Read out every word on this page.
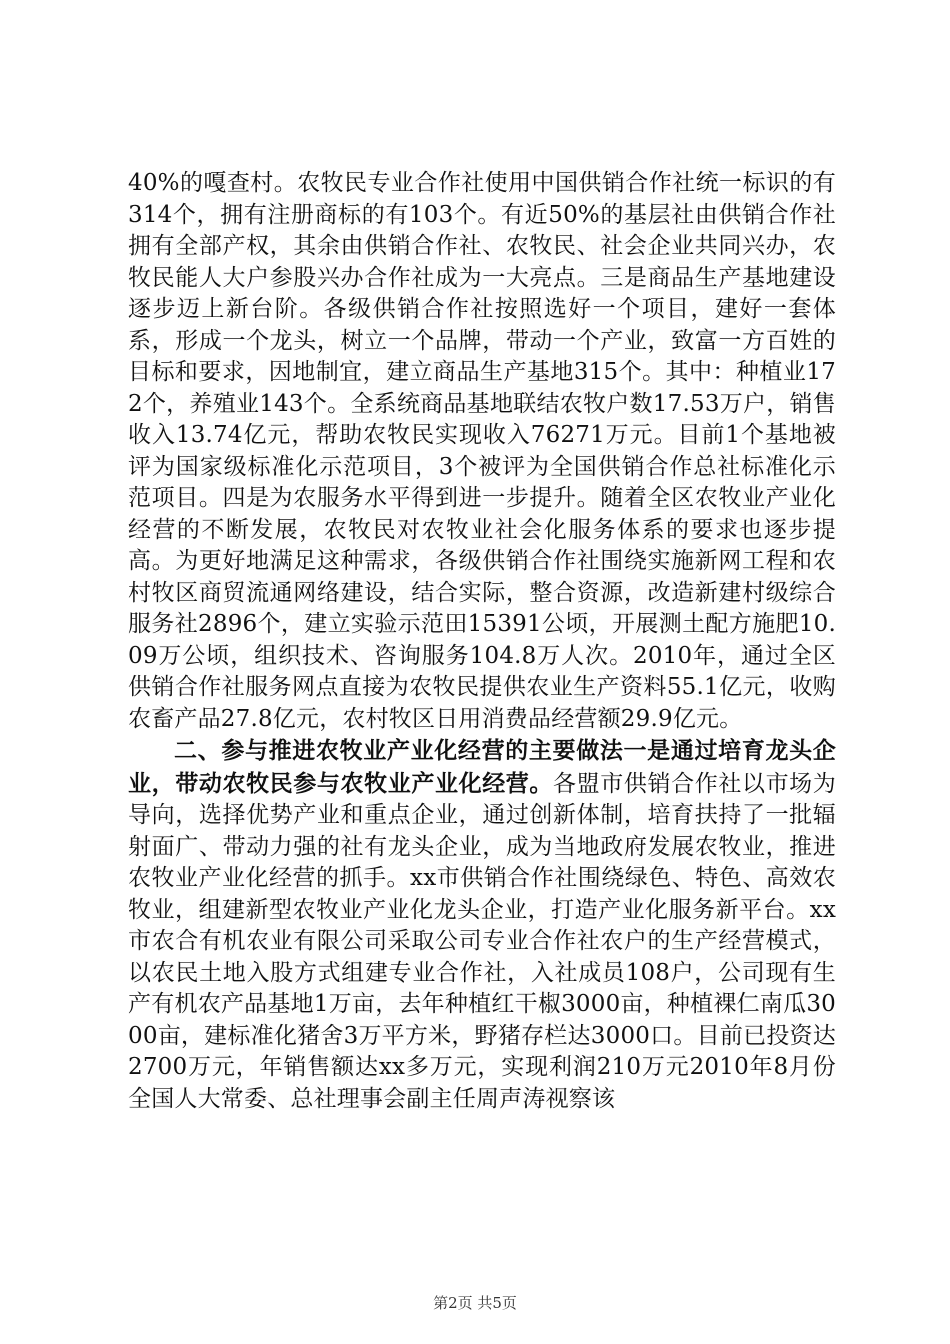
40%的嘎查村。农牧民专业合作社使用中国供销合作社统一标识的有314个，拥有注册商标的有103个。有近50%的基层社由供销合作社拥有全部产权，其余由供销合作社、农牧民、社会企业共同兴办，农牧民能人大户参股兴办合作社成为一大亮点。三是商品生产基地建设逐步迈上新台阶。各级供销合作社按照选好一个项目，建好一套体系，形成一个龙头，树立一个品牌，带动一个产业，致富一方百姓的目标和要求，因地制宜，建立商品生产基地315个。其中：种植业172个，养殖业143个。全系统商品基地联结农牧户数17.53万户，销售收入13.74亿元，帮助农牧民实现收入76271万元。目前1个基地被评为国家级标准化示范项目，3个被评为全国供销合作总社标准化示范项目。四是为农服务水平得到进一步提升。随着全区农牧业产业化经营的不断发展，农牧民对农牧业社会化服务体系的要求也逐步提高。为更好地满足这种需求，各级供销合作社围绕实施新网工程和农村牧区商贸流通网络建设，结合实际，整合资源，改造新建村级综合服务社2896个，建立实验示范田15391公顷，开展测土配方施肥10.09万公顷，组织技术、咨询服务104.8万人次。2010年，通过全区供销合作社服务网点直接为农牧民提供农业生产资料55.1亿元，收购农畜产品27.8亿元，农村牧区日用消费品经营额29.9亿元。

二、参与推进农牧业产业化经营的主要做法一是通过培育龙头企业，带动农牧民参与农牧业产业化经营。各盟市供销合作社以市场为导向，选择优势产业和重点企业，通过创新体制，培育扶持了一批辐射面广、带动力强的社有龙头企业，成为当地政府发展农牧业，推进农牧业产业化经营的抓手。xx市供销合作社围绕绿色、特色、高效农牧业，组建新型农牧业产业化龙头企业，打造产业化服务新平台。xx市农合有机农业有限公司采取公司专业合作社农户的生产经营模式，以农民土地入股方式组建专业合作社，入社成员108户，公司现有生产有机农产品基地1万亩，去年种植红干椒3000亩，种植裸仁南瓜3000亩，建标准化猪舍3万平方米，野猪存栏达3000口。目前已投资达2700万元，年销售额达xx多万元，实现利润210万元2010年8月份全国人大常委、总社理事会副主任周声涛视察该

第2页 共5页
